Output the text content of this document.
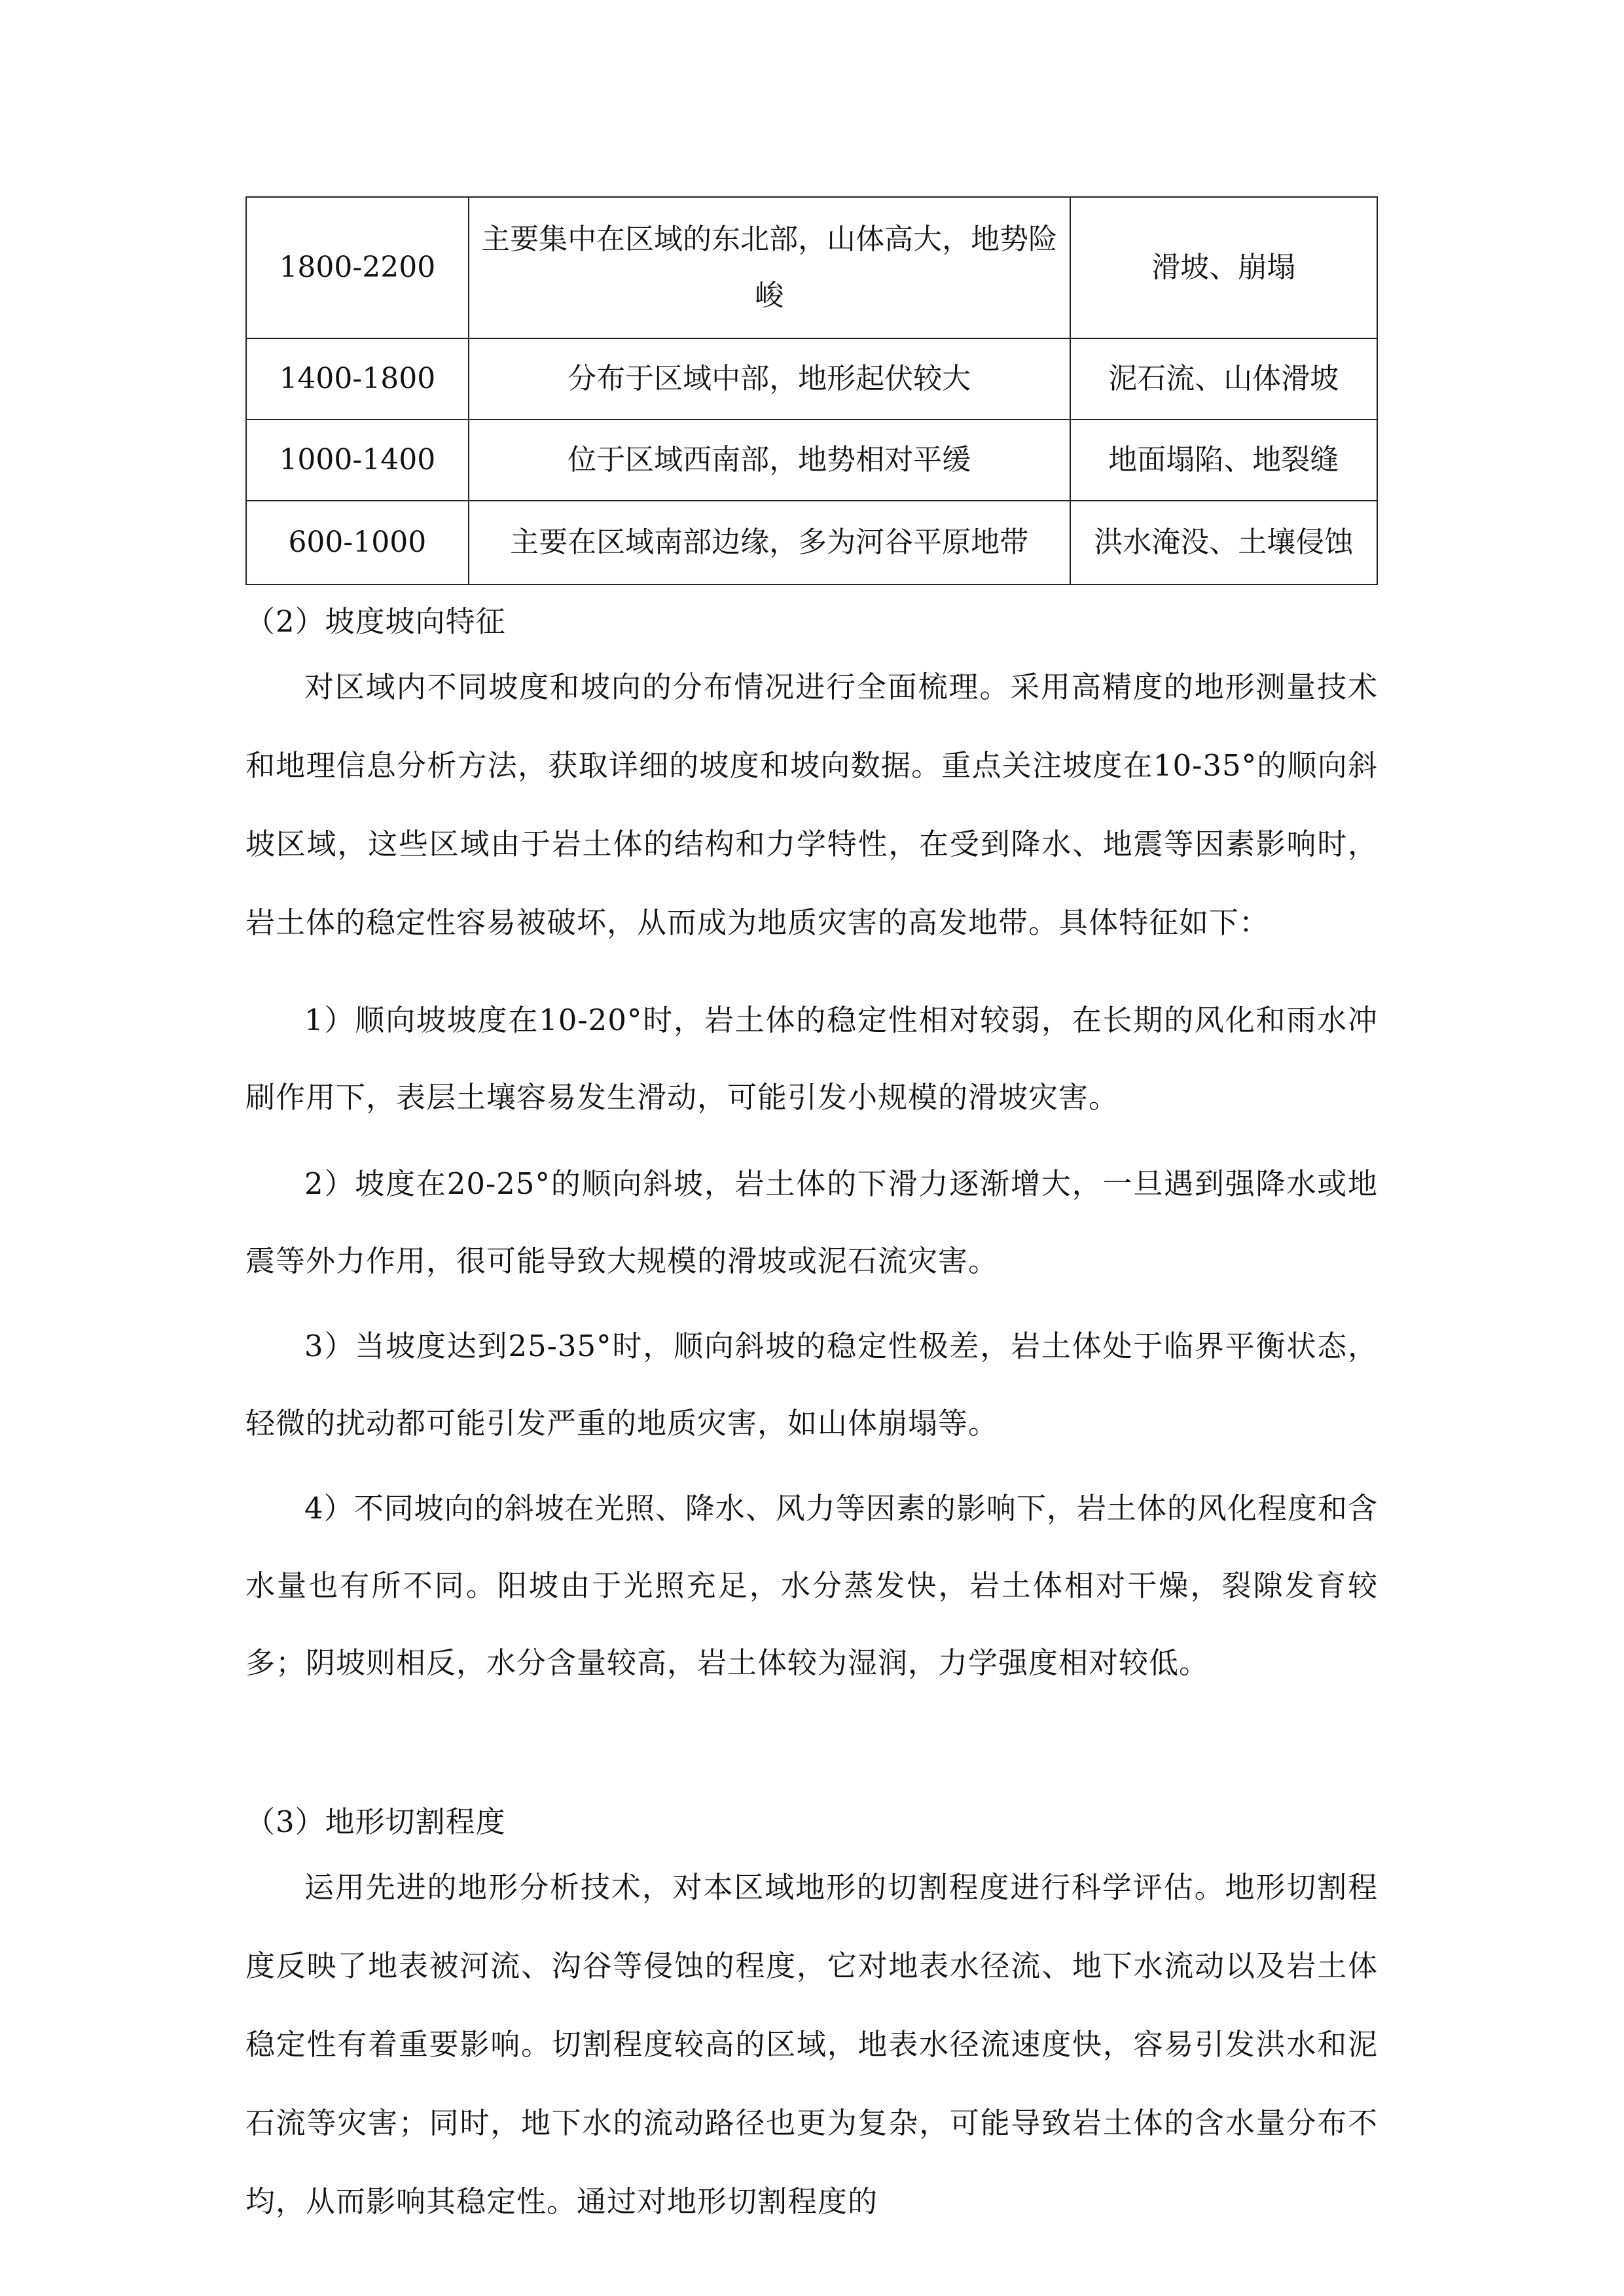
1800-2200	主要集中在区域的东北部，山体高大，地势险峻	滑坡、崩塌
1400-1800	分布于区域中部，地形起伏较大	泥石流、山体滑坡
1000-1400	位于区域西南部，地势相对平缓	地面塌陷、地裂缝
600-1000	主要在区域南部边缘，多为河谷平原地带	洪水淹没、土壤侵蚀
（2）坡度坡向特征
对区域内不同坡度和坡向的分布情况进行全面梳理。采用高精度的地形测量技术和地理信息分析方法，获取详细的坡度和坡向数据。重点关注坡度在10-35°的顺向斜坡区域，这些区域由于岩土体的结构和力学特性，在受到降水、地震等因素影响时，岩土体的稳定性容易被破坏，从而成为地质灾害的高发地带。具体特征如下：
1）顺向坡坡度在10-20°时，岩土体的稳定性相对较弱，在长期的风化和雨水冲刷作用下，表层土壤容易发生滑动，可能引发小规模的滑坡灾害。
2）坡度在20-25°的顺向斜坡，岩土体的下滑力逐渐增大，一旦遇到强降水或地震等外力作用，很可能导致大规模的滑坡或泥石流灾害。
3）当坡度达到25-35°时，顺向斜坡的稳定性极差，岩土体处于临界平衡状态，轻微的扰动都可能引发严重的地质灾害，如山体崩塌等。
4）不同坡向的斜坡在光照、降水、风力等因素的影响下，岩土体的风化程度和含水量也有所不同。阳坡由于光照充足，水分蒸发快，岩土体相对干燥，裂隙发育较多；阴坡则相反，水分含量较高，岩土体较为湿润，力学强度相对较低。
（3）地形切割程度
运用先进的地形分析技术，对本区域地形的切割程度进行科学评估。地形切割程度反映了地表被河流、沟谷等侵蚀的程度，它对地表水径流、地下水流动以及岩土体稳定性有着重要影响。切割程度较高的区域，地表水径流速度快，容易引发洪水和泥石流等灾害；同时，地下水的流动路径也更为复杂，可能导致岩土体的含水量分布不均，从而影响其稳定性。通过对地形切割程度的
